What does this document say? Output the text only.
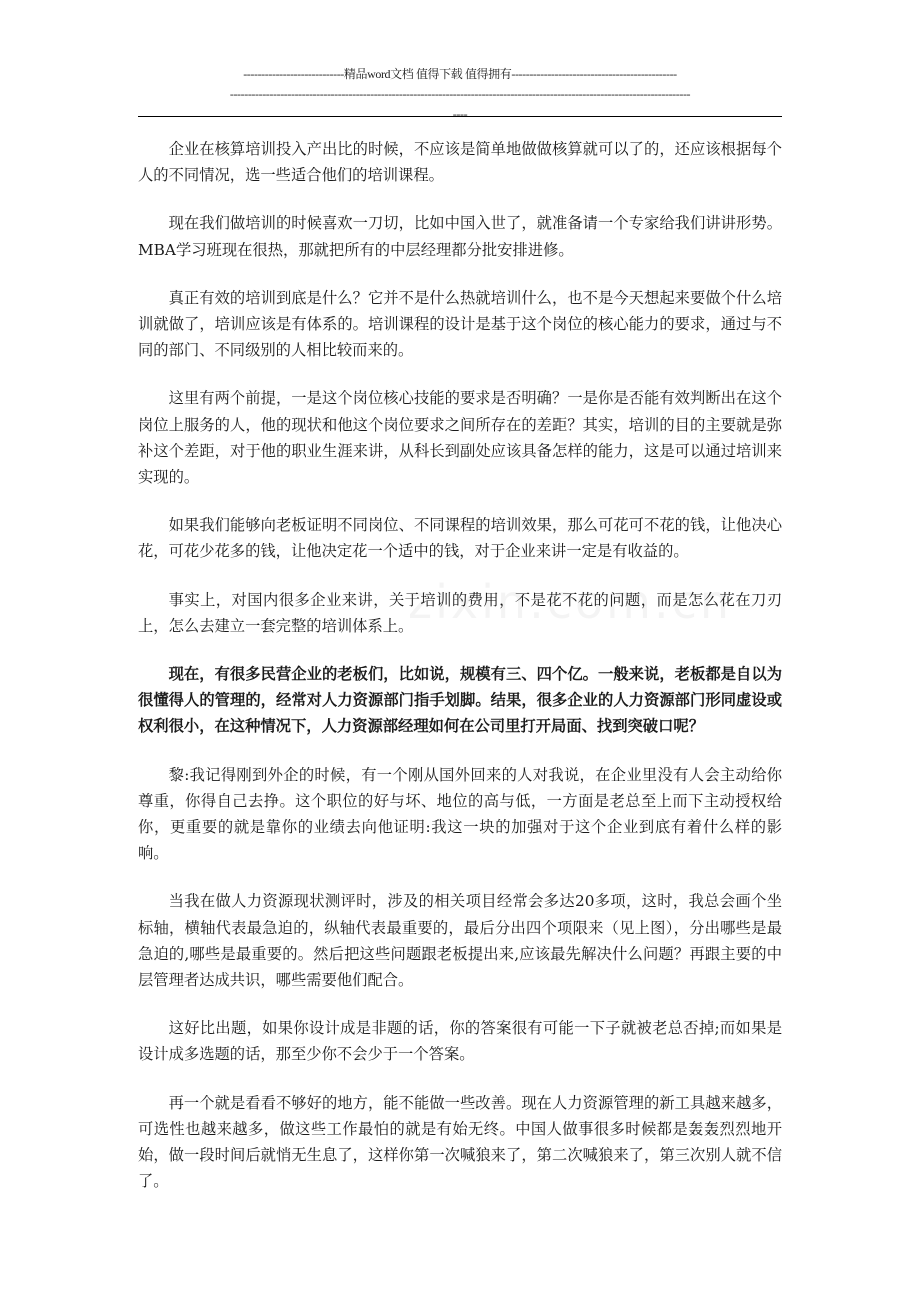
----------------------------精品word文档 值得下载 值得拥有----------------------------------------------
--------------------------------------------------------------------------------------------------------------------------------
----

企业在核算培训投入产出比的时候，不应该是简单地做做核算就可以了的，还应该根据每个人的不同情况，选一些适合他们的培训课程。

现在我们做培训的时候喜欢一刀切，比如中国入世了，就准备请一个专家给我们讲讲形势。MBA学习班现在很热，那就把所有的中层经理都分批安排进修。

真正有效的培训到底是什么？它并不是什么热就培训什么，也不是今天想起来要做个什么培训就做了，培训应该是有体系的。培训课程的设计是基于这个岗位的核心能力的要求，通过与不同的部门、不同级别的人相比较而来的。

这里有两个前提，一是这个岗位核心技能的要求是否明确？一是你是否能有效判断出在这个岗位上服务的人，他的现状和他这个岗位要求之间所存在的差距？其实，培训的目的主要就是弥补这个差距，对于他的职业生涯来讲，从科长到副处应该具备怎样的能力，这是可以通过培训来实现的。

如果我们能够向老板证明不同岗位、不同课程的培训效果，那么可花可不花的钱，让他决心花，可花少花多的钱，让他决定花一个适中的钱，对于企业来讲一定是有收益的。

事实上，对国内很多企业来讲，关于培训的费用，不是花不花的问题，而是怎么花在刀刃上，怎么去建立一套完整的培训体系上。

现在，有很多民营企业的老板们，比如说，规模有三、四个亿。一般来说，老板都是自以为很懂得人的管理的，经常对人力资源部门指手划脚。结果，很多企业的人力资源部门形同虚设或权利很小，在这种情况下，人力资源部经理如何在公司里打开局面、找到突破口呢？

黎:我记得刚到外企的时候，有一个刚从国外回来的人对我说，在企业里没有人会主动给你尊重，你得自己去挣。这个职位的好与坏、地位的高与低，一方面是老总至上而下主动授权给你，更重要的就是靠你的业绩去向他证明:我这一块的加强对于这个企业到底有着什么样的影响。

当我在做人力资源现状测评时，涉及的相关项目经常会多达20多项，这时，我总会画个坐标轴，横轴代表最急迫的，纵轴代表最重要的，最后分出四个项限来（见上图），分出哪些是最急迫的,哪些是最重要的。然后把这些问题跟老板提出来,应该最先解决什么问题？再跟主要的中层管理者达成共识，哪些需要他们配合。

这好比出题，如果你设计成是非题的话，你的答案很有可能一下子就被老总否掉;而如果是设计成多选题的话，那至少你不会少于一个答案。

再一个就是看看不够好的地方，能不能做一些改善。现在人力资源管理的新工具越来越多，可选性也越来越多，做这些工作最怕的就是有始无终。中国人做事很多时候都是轰轰烈烈地开始，做一段时间后就悄无生息了，这样你第一次喊狼来了，第二次喊狼来了，第三次别人就不信了。
